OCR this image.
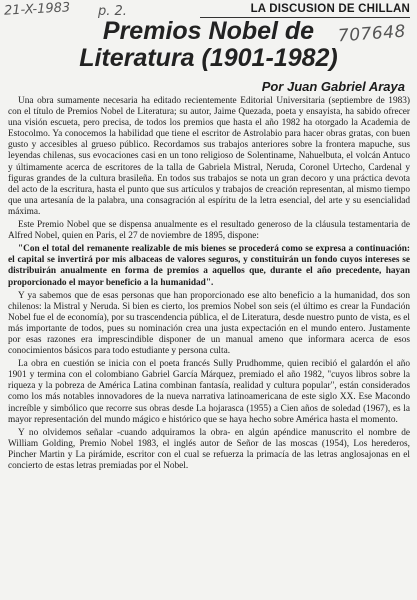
21-X-1983 p. 2.
707648
LA DISCUSION DE CHILLAN
Premios Nobel de
Literatura (1901-1982)
Por Juan Gabriel Araya

Una obra sumamente necesaria ha editado recientemente Editorial Universitaria (septiembre de 1983) con el título de Premios Nobel de Literatura; su autor, Jaime Quezada, poeta y ensayista, ha sabido ofrecer una visión escueta, pero precisa, de todos los premios que hasta el año 1982 ha otorgado la Academia de Estocolmo. Ya conocemos la habilidad que tiene el escritor de Astrolabio para hacer obras gratas, con buen gusto y accesibles al grueso público. Recordamos sus trabajos anteriores sobre la frontera mapuche, sus leyendas chilenas, sus evocaciones casi en un tono religioso de Solentiname, Nahuelbuta, el volcán Antuco y últimamente acerca de escritores de la talla de Gabriela Mistral, Neruda, Coronel Urtecho, Cardenal y figuras grandes de la cultura brasileña. En todos sus trabajos se nota un gran decoro y una práctica devota del acto de la escritura, hasta el punto que sus artículos y trabajos de creación representan, al mismo tiempo que una artesanía de la palabra, una consagración al espíritu de la letra esencial, del arte y su esencialidad máxima.

Este Premio Nobel que se dispensa anualmente es el resultado generoso de la cláusula testamentaria de Alfred Nobel, quien en Paris, el 27 de noviembre de 1895, dispone:

"Con el total del remanente realizable de mis bienes se procederá como se expresa a continuación: el capital se invertirá por mis albaceas de valores seguros, y constituirán un fondo cuyos intereses se distribuirán anualmente en forma de premios a aquellos que, durante el año precedente, hayan proporcionado el mayor beneficio a la humanidad".

Y ya sabemos que de esas personas que han proporcionado ese alto beneficio a la humanidad, dos son chilenos: la Mistral y Neruda. Si bien es cierto, los premios Nobel son seis (el último es crear la Fundación Nobel fue el de economía), por su trascendencia pública, el de Literatura, desde nuestro punto de vista, es el más importante de todos, pues su nominación crea una justa expectación en el mundo entero. Justamente por esas razones era imprescindible disponer de un manual ameno que informara acerca de esos conocimientos básicos para todo estudiante y persona culta.

La obra en cuestión se inicia con el poeta francés Sully Prudhomme, quien recibió el galardón el año 1901 y termina con el colombiano Gabriel García Márquez, premiado el año 1982, "cuyos libros sobre la riqueza y la pobreza de América Latina combinan fantasía, realidad y cultura popular", están considerados como los más notables innovadores de la nueva narrativa latinoamericana de este siglo XX. Ese Macondo increíble y simbólico que recorre sus obras desde La hojarasca (1955) a Cien años de soledad (1967), es la mayor representación del mundo mágico e histórico que se haya hecho sobre América hasta el momento.

Y no olvidemos señalar -cuando adquiramos la obra- en algún apéndice manuscrito el nombre de William Golding, Premio Nobel 1983, el inglés autor de Señor de las moscas (1954), Los herederos, Pincher Martin y La pirámide, escritor con el cual se refuerza la primacía de las letras anglosajonas en el concierto de estas letras premiadas por el Nobel.
